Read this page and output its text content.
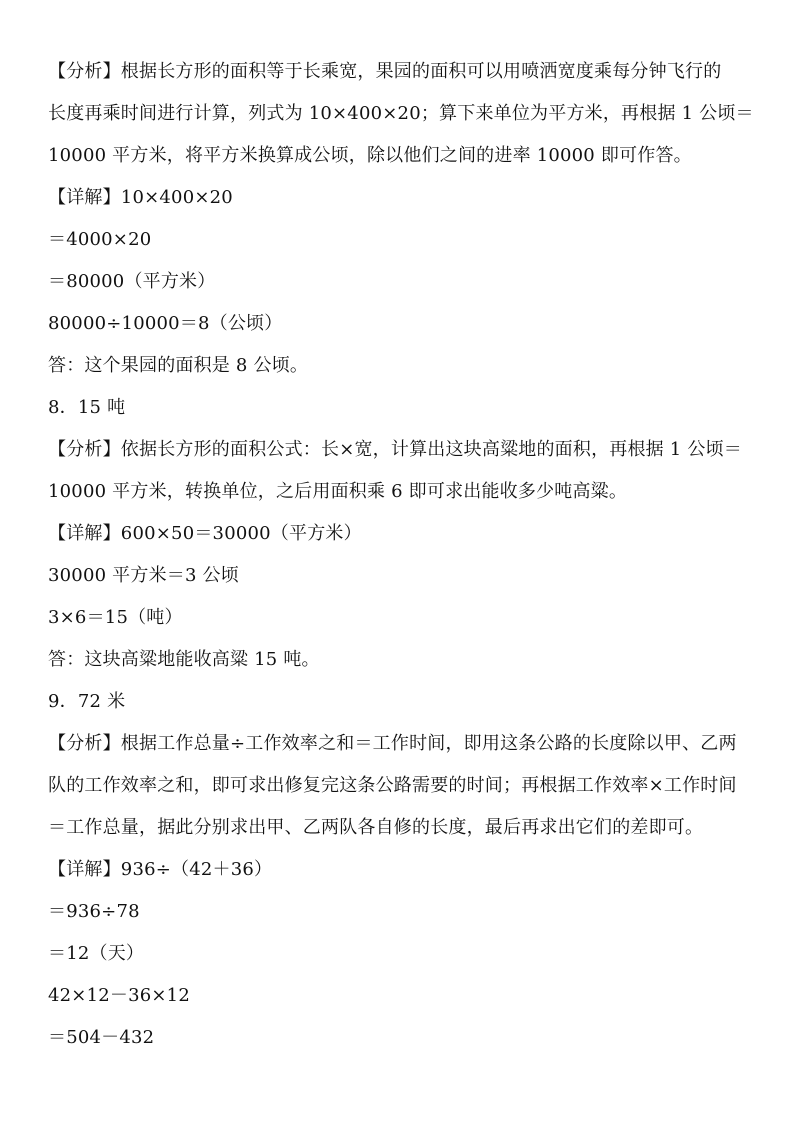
【分析】根据长方形的面积等于长乘宽，果园的面积可以用喷洒宽度乘每分钟飞行的
长度再乘时间进行计算，列式为 10×400×20；算下来单位为平方米，再根据 1 公顷＝
10000 平方米，将平方米换算成公顷，除以他们之间的进率 10000 即可作答。
【详解】10×400×20
＝4000×20
＝80000（平方米）
80000÷10000＝8（公顷）
答：这个果园的面积是 8 公顷。
8．15 吨
【分析】依据长方形的面积公式：长×宽，计算出这块高粱地的面积，再根据 1 公顷＝
10000 平方米，转换单位，之后用面积乘 6 即可求出能收多少吨高粱。
【详解】600×50＝30000（平方米）
30000 平方米＝3 公顷
3×6＝15（吨）
答：这块高粱地能收高粱 15 吨。
9．72 米
【分析】根据工作总量÷工作效率之和＝工作时间，即用这条公路的长度除以甲、乙两
队的工作效率之和，即可求出修复完这条公路需要的时间；再根据工作效率×工作时间
＝工作总量，据此分别求出甲、乙两队各自修的长度，最后再求出它们的差即可。
【详解】936÷（42＋36）
＝936÷78
＝12（天）
42×12－36×12
＝504－432
